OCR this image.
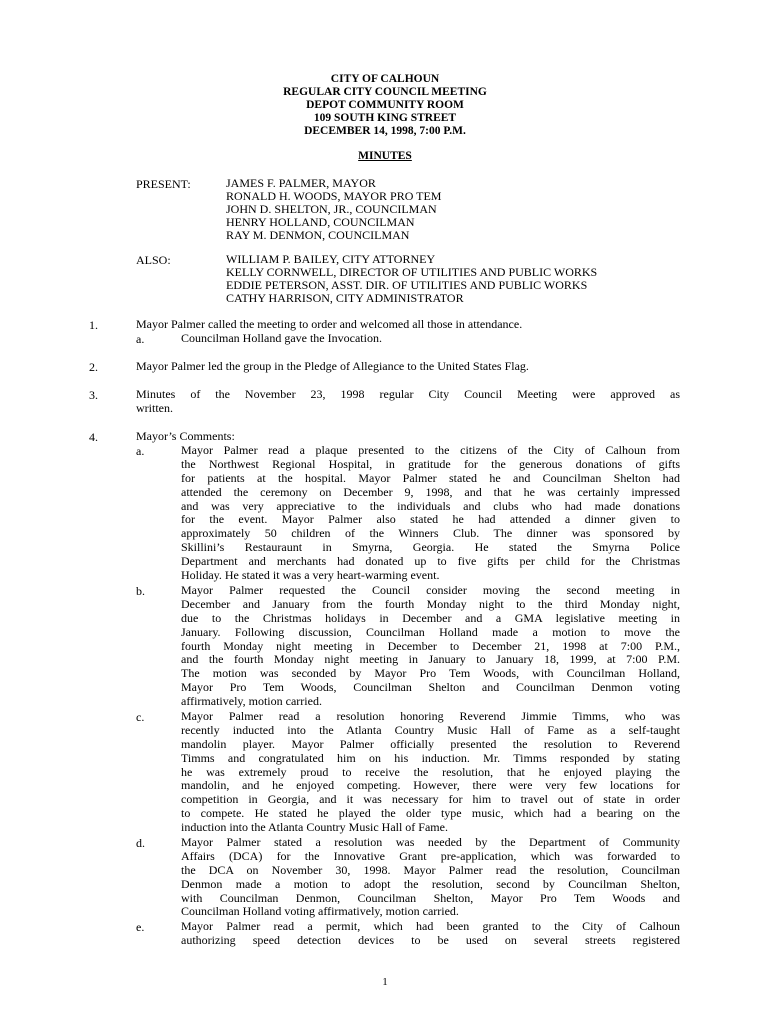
CITY OF CALHOUN
REGULAR CITY COUNCIL MEETING
DEPOT COMMUNITY ROOM
109 SOUTH KING STREET
DECEMBER 14, 1998, 7:00 P.M.
MINUTES
PRESENT:	JAMES F. PALMER, MAYOR
RONALD H. WOODS, MAYOR PRO TEM
JOHN D. SHELTON, JR., COUNCILMAN
HENRY HOLLAND, COUNCILMAN
RAY M. DENMON, COUNCILMAN
ALSO:	WILLIAM P. BAILEY, CITY ATTORNEY
KELLY CORNWELL, DIRECTOR OF UTILITIES AND PUBLIC WORKS
EDDIE PETERSON, ASST. DIR. OF UTILITIES AND PUBLIC WORKS
CATHY HARRISON, CITY ADMINISTRATOR
1.	Mayor Palmer called the meeting to order and welcomed all those in attendance.
a.	Councilman Holland gave the Invocation.
2.	Mayor Palmer led the group in the Pledge of Allegiance to the United States Flag.
3.	Minutes of the November 23, 1998 regular City Council Meeting were approved as
written.
4.	Mayor’s Comments:
a.	Mayor Palmer read a plaque presented to the citizens of the City of Calhoun from
the Northwest Regional Hospital, in gratitude for the generous donations of gifts
for patients at the hospital. Mayor Palmer stated he and Councilman Shelton had
attended the ceremony on December 9, 1998, and that he was certainly impressed
and was very appreciative to the individuals and clubs who had made donations
for the event. Mayor Palmer also stated he had attended a dinner given to
approximately 50 children of the Winners Club. The dinner was sponsored by
Skillini’s Restauraunt in Smyrna, Georgia. He stated the Smyrna Police
Department and merchants had donated up to five gifts per child for the Christmas
Holiday. He stated it was a very heart-warming event.
b.	Mayor Palmer requested the Council consider moving the second meeting in
December and January from the fourth Monday night to the third Monday night,
due to the Christmas holidays in December and a GMA legislative meeting in
January. Following discussion, Councilman Holland made a motion to move the
fourth Monday night meeting in December to December 21, 1998 at 7:00 P.M.,
and the fourth Monday night meeting in January to January 18, 1999, at 7:00 P.M.
The motion was seconded by Mayor Pro Tem Woods, with Councilman Holland,
Mayor Pro Tem Woods, Councilman Shelton and Councilman Denmon voting
affirmatively, motion carried.
c.	Mayor Palmer read a resolution honoring Reverend Jimmie Timms, who was
recently inducted into the Atlanta Country Music Hall of Fame as a self-taught
mandolin player. Mayor Palmer officially presented the resolution to Reverend
Timms and congratulated him on his induction. Mr. Timms responded by stating
he was extremely proud to receive the resolution, that he enjoyed playing the
mandolin, and he enjoyed competing. However, there were very few locations for
competition in Georgia, and it was necessary for him to travel out of state in order
to compete. He stated he played the older type music, which had a bearing on the
induction into the Atlanta Country Music Hall of Fame.
d.	Mayor Palmer stated a resolution was needed by the Department of Community
Affairs (DCA) for the Innovative Grant pre-application, which was forwarded to
the DCA on November 30, 1998. Mayor Palmer read the resolution, Councilman
Denmon made a motion to adopt the resolution, second by Councilman Shelton,
with Councilman Denmon, Councilman Shelton, Mayor Pro Tem Woods and
Councilman Holland voting affirmatively, motion carried.
e.	Mayor Palmer read a permit, which had been granted to the City of Calhoun
authorizing speed detection devices to be used on several streets registered
1
